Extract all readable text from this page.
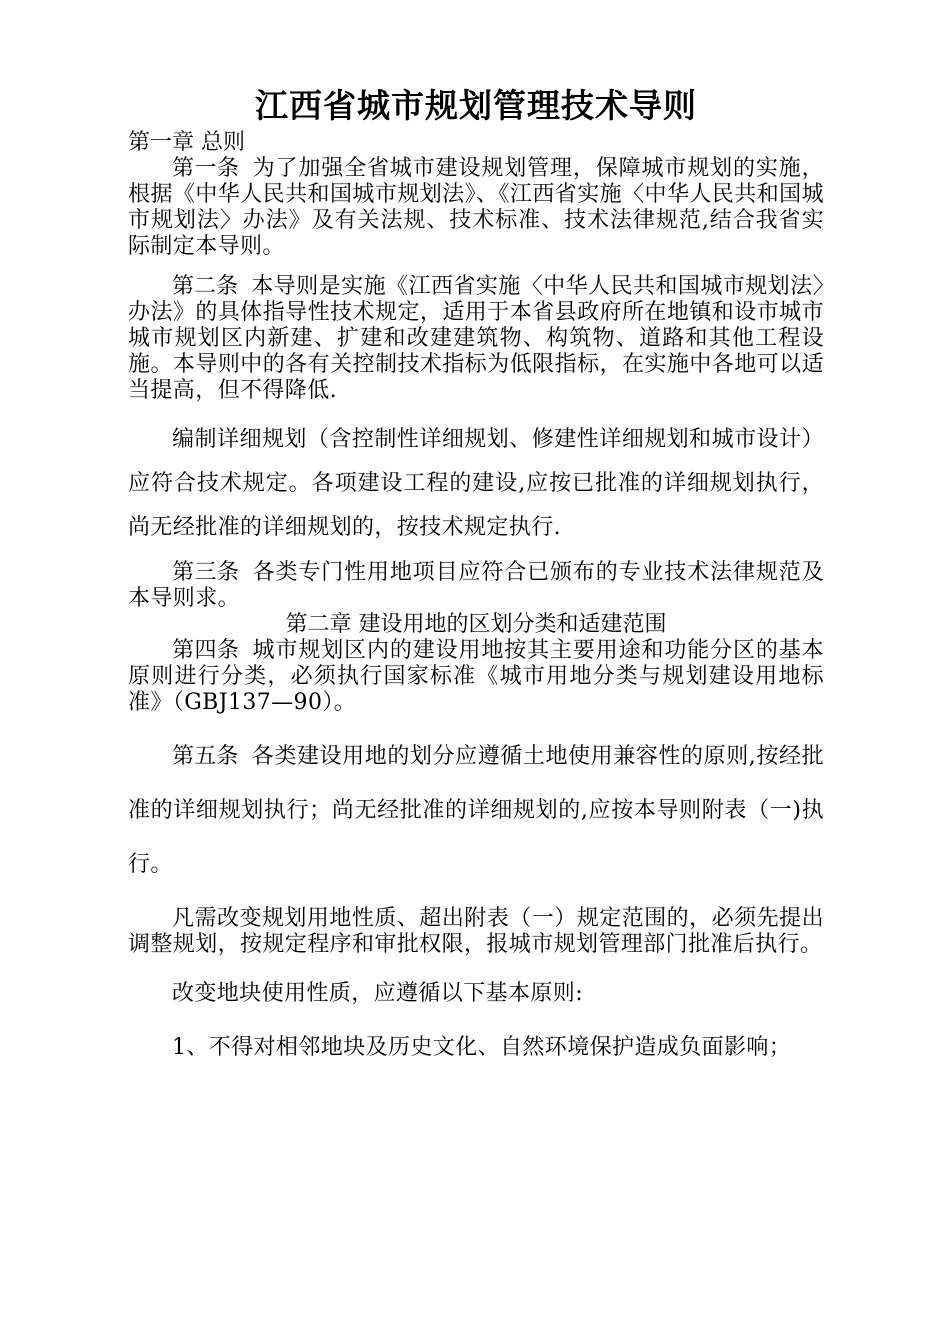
江西省城市规划管理技术导则

第一章 总则

第一条 为了加强全省城市建设规划管理，保障城市规划的实施，根据《中华人民共和国城市规划法》、《江西省实施〈中华人民共和国城市规划法〉办法》及有关法规、技术标准、技术法律规范,结合我省实际制定本导则。

第二条 本导则是实施《江西省实施〈中华人民共和国城市规划法〉办法》的具体指导性技术规定，适用于本省县政府所在地镇和设市城市城市规划区内新建、扩建和改建建筑物、构筑物、道路和其他工程设施。本导则中的各有关控制技术指标为低限指标，在实施中各地可以适当提高，但不得降低.

编制详细规划（含控制性详细规划、修建性详细规划和城市设计）应符合技术规定。各项建设工程的建设,应按已批准的详细规划执行，尚无经批准的详细规划的，按技术规定执行.

第三条 各类专门性用地项目应符合已颁布的专业技术法律规范及本导则求。

第二章 建设用地的区划分类和适建范围

第四条 城市规划区内的建设用地按其主要用途和功能分区的基本原则进行分类，必须执行国家标准《城市用地分类与规划建设用地标准》（GBJ137—90）。

第五条 各类建设用地的划分应遵循土地使用兼容性的原则,按经批准的详细规划执行；尚无经批准的详细规划的,应按本导则附表（一)执行。

凡需改变规划用地性质、超出附表（一）规定范围的，必须先提出调整规划，按规定程序和审批权限，报城市规划管理部门批准后执行。

改变地块使用性质，应遵循以下基本原则:

1、不得对相邻地块及历史文化、自然环境保护造成负面影响；
